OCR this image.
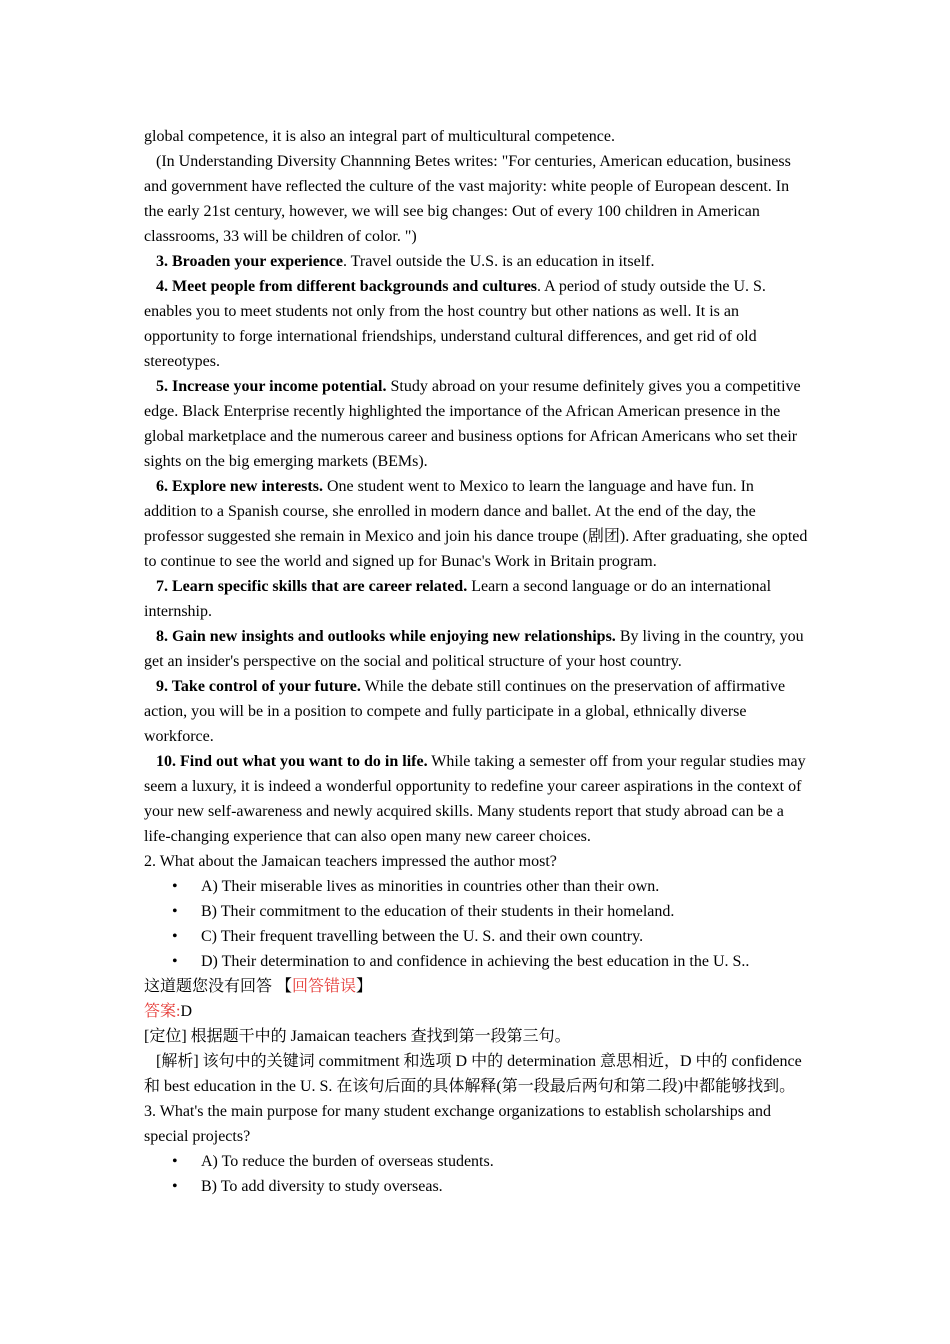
global competence, it is also an integral part of multicultural competence.

(In Understanding Diversity Channning Betes writes: "For centuries, American education, business and government have reflected the culture of the vast majority: white people of European descent. In the early 21st century, however, we will see big changes: Out of every 100 children in American classrooms, 33 will be children of color. ")

3. Broaden your experience. Travel outside the U.S. is an education in itself.

4. Meet people from different backgrounds and cultures. A period of study outside the U. S. enables you to meet students not only from the host country but other nations as well. It is an opportunity to forge international friendships, understand cultural differences, and get rid of old stereotypes.

5. Increase your income potential. Study abroad on your resume definitely gives you a competitive edge. Black Enterprise recently highlighted the importance of the African American presence in the global marketplace and the numerous career and business options for African Americans who set their sights on the big emerging markets (BEMs).

6. Explore new interests. One student went to Mexico to learn the language and have fun. In addition to a Spanish course, she enrolled in modern dance and ballet. At the end of the day, the professor suggested she remain in Mexico and join his dance troupe (剧团). After graduating, she opted to continue to see the world and signed up for Bunac's Work in Britain program.

7. Learn specific skills that are career related. Learn a second language or do an international internship.

8. Gain new insights and outlooks while enjoying new relationships. By living in the country, you get an insider's perspective on the social and political structure of your host country.

9. Take control of your future. While the debate still continues on the preservation of affirmative action, you will be in a position to compete and fully participate in a global, ethnically diverse workforce.

10. Find out what you want to do in life. While taking a semester off from your regular studies may seem a luxury, it is indeed a wonderful opportunity to redefine your career aspirations in the context of your new self-awareness and newly acquired skills. Many students report that study abroad can be a life-changing experience that can also open many new career choices.

2. What about the Jamaican teachers impressed the author most?

• A) Their miserable lives as minorities in countries other than their own.
• B) Their commitment to the education of their students in their homeland.
• C) Their frequent travelling between the U. S. and their own country.
• D) Their determination to and confidence in achieving the best education in the U. S..

这道题您没有回答 【回答错误】

答案:D

[定位] 根据题干中的 Jamaican teachers 查找到第一段第三句。

[解析] 该句中的关键词 commitment 和选项 D 中的 determination 意思相近，D 中的 confidence 和 best education in the U. S. 在该句后面的具体解释(第一段最后两句和第二段)中都能够找到。

3. What's the main purpose for many student exchange organizations to establish scholarships and special projects?

• A) To reduce the burden of overseas students.
• B) To add diversity to study overseas.
